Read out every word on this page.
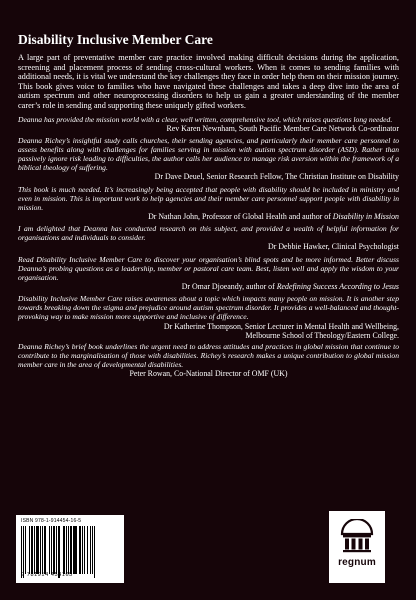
Disability Inclusive Member Care

A large part of preventative member care practice involved making difficult decisions during the application, screening and placement process of sending cross-cultural workers. When it comes to sending families with additional needs, it is vital we understand the key challenges they face in order help them on their mission journey. This book gives voice to families who have navigated these challenges and takes a deep dive into the area of autism spectrum and other neuroprocessing disorders to help us gain a greater understanding of the member carer’s role in sending and supporting these uniquely gifted workers.

Deanna has provided the mission world with a clear, well written, comprehensive tool, which raises questions long needed.

Rev Karen Newnham, South Pacific Member Care Network Co-ordinator

Deanna Richey’s insightful study calls churches, their sending agencies, and particularly their member care personnel to assess benefits along with challenges for families serving in mission with autism spectrum disorder (ASD). Rather than passively ignore risk leading to difficulties, the author calls her audience to manage risk aversion within the framework of a biblical theology of suffering.

Dr Dave Deuel, Senior Research Fellow, The Christian Institute on Disability

This book is much needed. It’s increasingly being accepted that people with disability should be included in ministry and even in mission. This is important work to help agencies and their member care personnel support people with disability in mission.

Dr Nathan John, Professor of Global Health and author of Disability in Mission

I am delighted that Deanna has conducted research on this subject, and provided a wealth of helpful information for organisations and individuals to consider.

Dr Debbie Hawker, Clinical Psychologist

Read Disability Inclusive Member Care to discover your organisation’s blind spots and be more informed. Better discuss Deanna’s probing questions as a leadership, member or pastoral care team. Best, listen well and apply the wisdom to your organisation.

Dr Omar Djoeandy, author of Redefining Success According to Jesus

Disability Inclusive Member Care raises awareness about a topic which impacts many people on mission. It is another step towards breaking down the stigma and prejudice around autism spectrum disorder. It provides a well-balanced and thought-provoking way to make mission more supportive and inclusive of difference.

Dr Katherine Thompson, Senior Lecturer in Mental Health and Wellbeing,
Melbourne School of Theology/Eastern College.

Deanna Richey’s brief book underlines the urgent need to address attitudes and practices in global mission that continue to contribute to the marginalisation of those with disabilities. Richey’s research makes a unique contribution to global mission member care in the area of developmental disabilities.

Peter Rowan, Co-National Director of OMF (UK)

ISBN 978-1-914454-16-5
9 781914 454165
regnum
